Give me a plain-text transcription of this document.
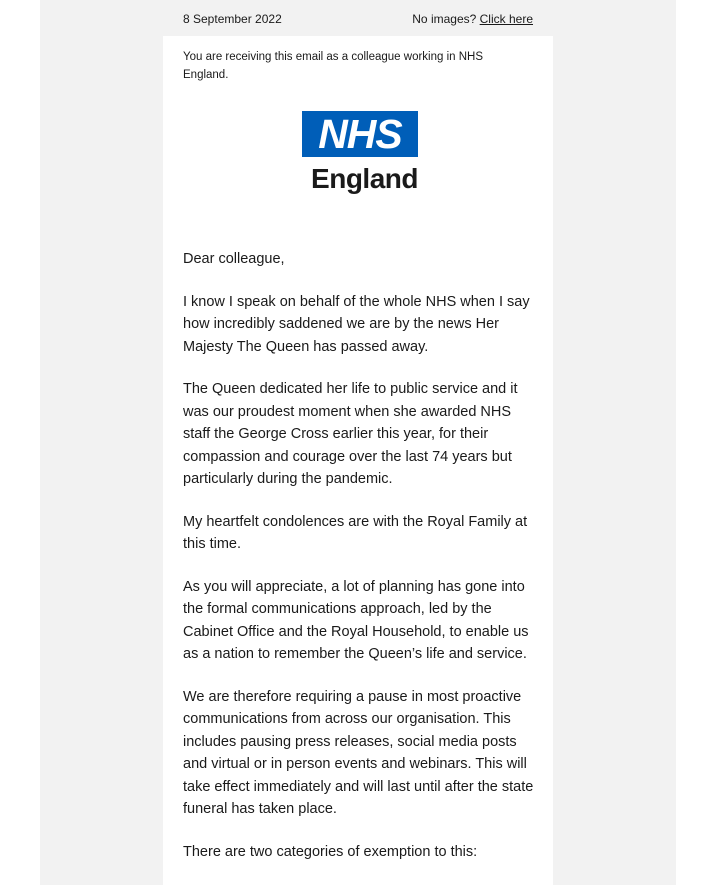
8 September 2022	No images? Click here
You are receiving this email as a colleague working in NHS England.
NHS
England

Dear colleague,

I know I speak on behalf of the whole NHS when I say how incredibly saddened we are by the news Her Majesty The Queen has passed away.

The Queen dedicated her life to public service and it was our proudest moment when she awarded NHS staff the George Cross earlier this year, for their compassion and courage over the last 74 years but particularly during the pandemic.

My heartfelt condolences are with the Royal Family at this time.

As you will appreciate, a lot of planning has gone into the formal communications approach, led by the Cabinet Office and the Royal Household, to enable us as a nation to remember the Queen’s life and service.

We are therefore requiring a pause in most proactive communications from across our organisation. This includes pausing press releases, social media posts and virtual or in person events and webinars. This will take effect immediately and will last until after the state funeral has taken place.

There are two categories of exemption to this:
